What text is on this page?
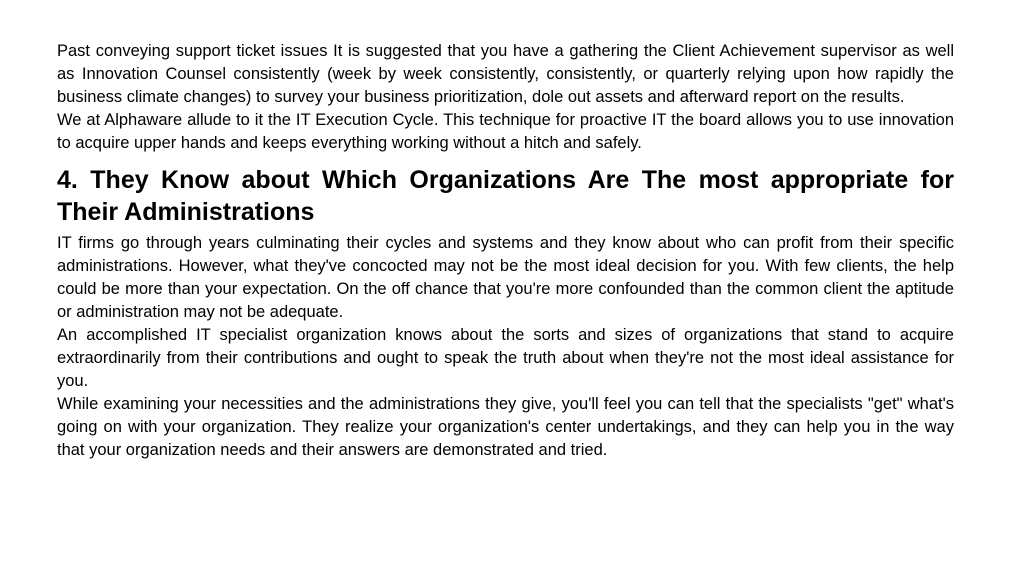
Past conveying support ticket issues It is suggested that you have a gathering the Client Achievement supervisor as well as Innovation Counsel consistently (week by week consistently, consistently, or quarterly relying upon how rapidly the business climate changes) to survey your business prioritization, dole out assets and afterward report on the results.

We at Alphaware allude to it the IT Execution Cycle. This technique for proactive IT the board allows you to use innovation to acquire upper hands and keeps everything working without a hitch and safely.

4. They Know about Which Organizations Are The most appropriate for Their Administrations

IT firms go through years culminating their cycles and systems and they know about who can profit from their specific administrations. However, what they've concocted may not be the most ideal decision for you. With few clients, the help could be more than your expectation. On the off chance that you're more confounded than the common client the aptitude or administration may not be adequate.

An accomplished IT specialist organization knows about the sorts and sizes of organizations that stand to acquire extraordinarily from their contributions and ought to speak the truth about when they're not the most ideal assistance for you.

While examining your necessities and the administrations they give, you'll feel you can tell that the specialists "get" what's going on with your organization. They realize your organization's center undertakings, and they can help you in the way that your organization needs and their answers are demonstrated and tried.
